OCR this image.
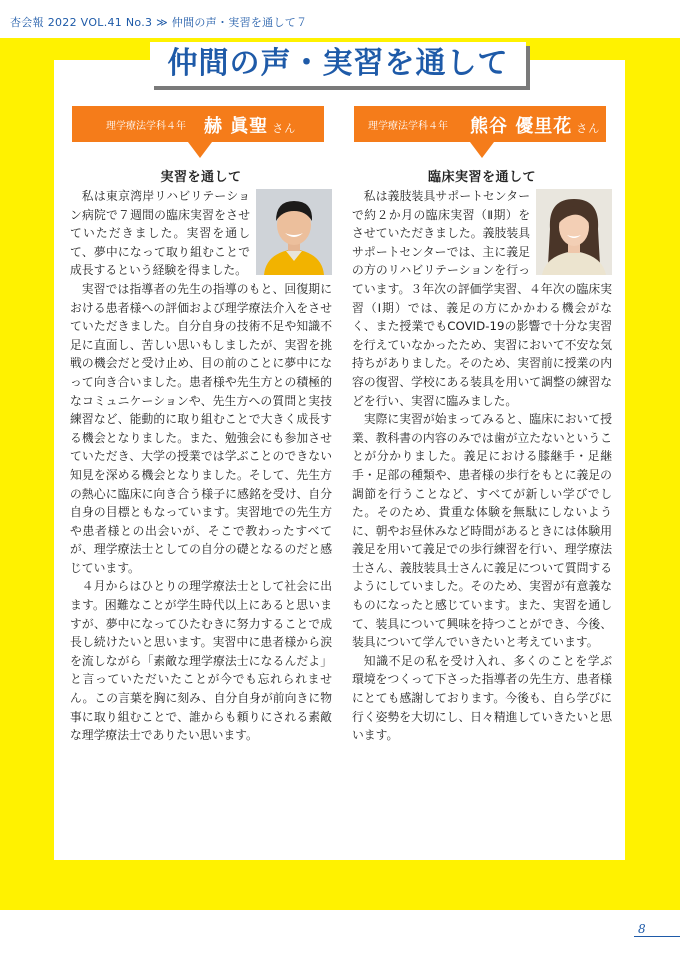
杏会報 2022 VOL.41 No.3 ≫ 仲間の声・実習を通して７
理学療法学科４年 赫 眞聖 さん
実習を通して

私は東京湾岸リハビリテーション病院で７週間の臨床実習をさせていただきました。実習を通して、夢中になって取り組むことで成長するという経験を得ました。

実習では指導者の先生の指導のもと、回復期における患者様への評価および理学療法介入をさせていただきました。自分自身の技術不足や知識不足に直面し、苦しい思いもしましたが、実習を挑戦の機会だと受け止め、目の前のことに夢中になって向き合いました。患者様や先生方との積極的なコミュニケーションや、先生方への質問と実技練習など、能動的に取り組むことで大きく成長する機会となりました。また、勉強会にも参加させていただき、大学の授業では学ぶことのできない知見を深める機会となりました。そして、先生方の熱心に臨床に向き合う様子に感銘を受け、自分自身の目標ともなっています。実習地での先生方や患者様との出会いが、そこで教わったすべてが、理学療法士としての自分の礎となるのだと感じています。

４月からはひとりの理学療法士として社会に出ます。困難なことが学生時代以上にあると思いますが、夢中になってひたむきに努力することで成長し続けたいと思います。実習中に患者様から涙を流しながら「素敵な理学療法士になるんだよ」と言っていただいたことが今でも忘れられません。この言葉を胸に刻み、自分自身が前向きに物事に取り組むことで、誰からも頼りにされる素敵な理学療法士でありたい思います。

理学療法学科４年 熊谷 優里花 さん
臨床実習を通して

私は義肢装具サポートセンターで約２か月の臨床実習（Ⅱ期）をさせていただきました。義肢装具サポートセンターでは、主に義足の方のリハビリテーションを行っています。３年次の評価学実習、４年次の臨床実習（Ⅰ期）では、義足の方にかかわる機会がなく、また授業でもCOVID-19の影響で十分な実習を行えていなかったため、実習において不安な気持ちがありました。そのため、実習前に授業の内容の復習、学校にある装具を用いて調整の練習などを行い、実習に臨みました。

実際に実習が始まってみると、臨床において授業、教科書の内容のみでは歯が立たないということが分かりました。義足における膝継手・足継手・足部の種類や、患者様の歩行をもとに義足の調節を行うことなど、すべてが新しい学びでした。そのため、貴重な体験を無駄にしないように、朝やお昼休みなど時間があるときには体験用義足を用いて義足での歩行練習を行い、理学療法士さん、義肢装具士さんに義足について質問するようにしていました。そのため、実習が有意義なものになったと感じています。また、実習を通して、装具について興味を持つことができ、今後、装具について学んでいきたいと考えています。

知識不足の私を受け入れ、多くのことを学ぶ環境をつくって下さった指導者の先生方、患者様にとても感謝しております。今後も、自ら学びに行く姿勢を大切にし、日々精進していきたいと思います。

仲間の声・実習を通して
8
